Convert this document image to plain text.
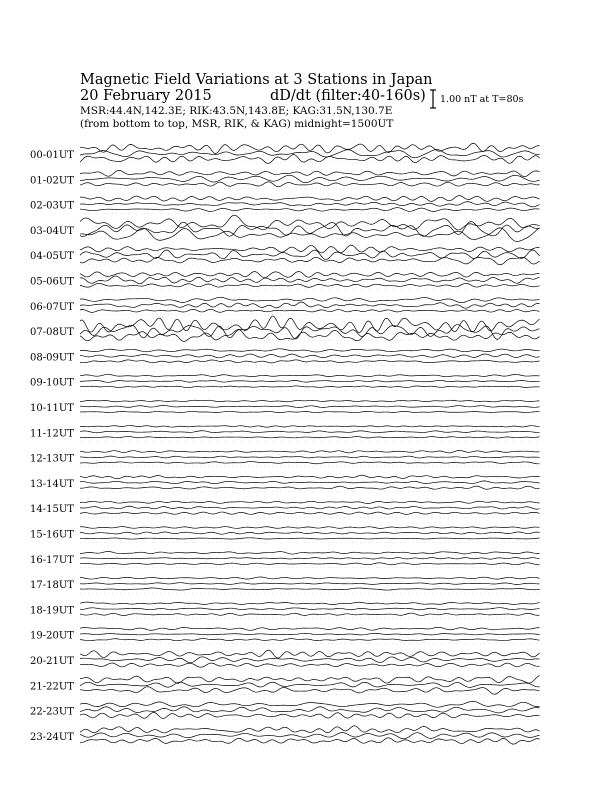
Magnetic Field Variations at 3 Stations in Japan
20 February 2015	dD/dt (filter:40-160s)
MSR:44.4N,142.3E; RIK:43.5N,143.8E; KAG:31.5N,130.7E
(from bottom to top, MSR, RIK, & KAG) midnight=1500UT
1.00 nT at T=80s
00-01UT
01-02UT
02-03UT
03-04UT
04-05UT
05-06UT
06-07UT
07-08UT
08-09UT
09-10UT
10-11UT
11-12UT
12-13UT
13-14UT
14-15UT
15-16UT
16-17UT
17-18UT
18-19UT
19-20UT
20-21UT
21-22UT
22-23UT
23-24UT
